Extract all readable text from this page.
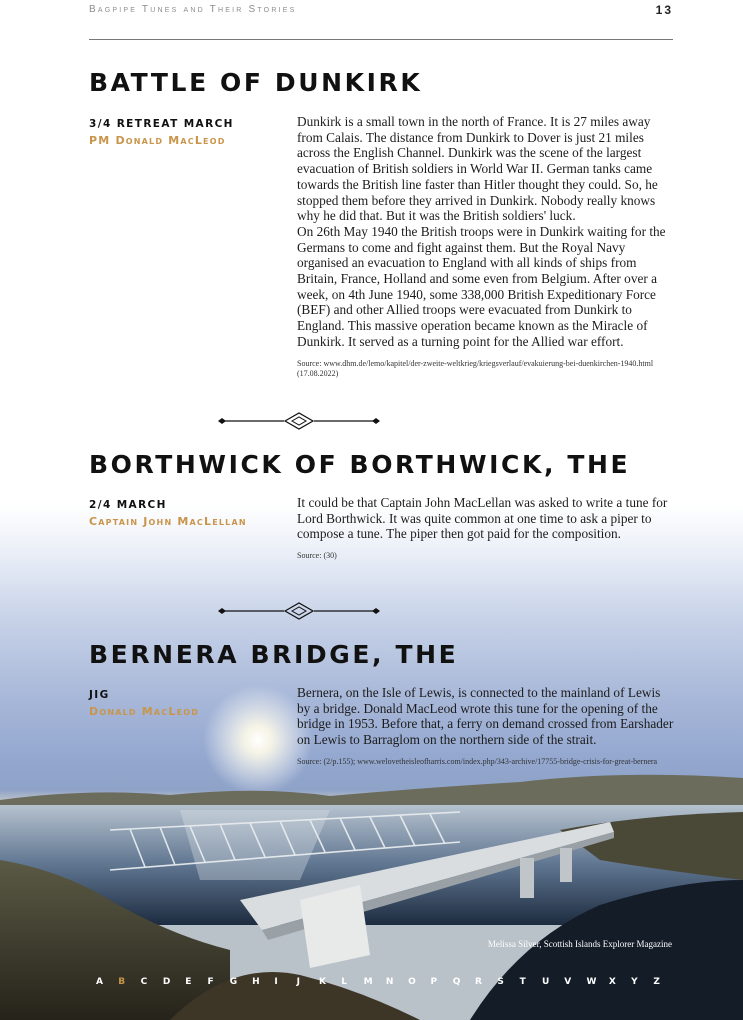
Bagpipe Tunes and Their Stories	13
BATTLE OF DUNKIRK
3/4 RETREAT MARCH
PM Donald MacLeod

Dunkirk is a small town in the north of France. It is 27 miles away from Calais. The distance from Dunkirk to Dover is just 21 miles across the English Channel. Dunkirk was the scene of the largest evacuation of British soldiers in World War II. German tanks came towards the British line faster than Hitler thought they could. So, he stopped them before they arrived in Dunkirk. Nobody really knows why he did that. But it was the British soldiers' luck.

On 26th May 1940 the British troops were in Dunkirk waiting for the Germans to come and fight against them. But the Royal Navy organised an evacuation to England with all kinds of ships from Britain, France, Holland and some even from Belgium. After over a week, on 4th June 1940, some 338,000 British Expeditionary Force (BEF) and other Allied troops were evacuated from Dunkirk to England. This massive operation became known as the Miracle of Dunkirk. It served as a turning point for the Allied war effort.

Source: www.dhm.de/lemo/kapitel/der-zweite-weltkrieg/kriegsverlauf/evakuierung-bei-duenkirchen-1940.html (17.08.2022)
BORTHWICK OF BORTHWICK, THE
2/4 MARCH
Captain John MacLellan

It could be that Captain John MacLellan was asked to write a tune for Lord Borthwick. It was quite common at one time to ask a piper to compose a tune. The piper then got paid for the composition.

Source: (30)
BERNERA BRIDGE, THE
JIG
Donald MacLeod

Bernera, on the Isle of Lewis, is connected to the mainland of Lewis by a bridge. Donald MacLeod wrote this tune for the opening of the bridge in 1953. Before that, a ferry on demand crossed from Earshader on Lewis to Barraglom on the northern side of the strait.

Source: (2/p.155); www.welovetheisleofharris.com/index.php/343-archive/17755-bridge-crisis-for-great-bernera
Melissa Silver, Scottish Islands Explorer Magazine
A	B	C	D	E	F	G	H	I	J	K	L	M	N	O	P	Q	R	S	T	U	V	W	X	Y	Z
